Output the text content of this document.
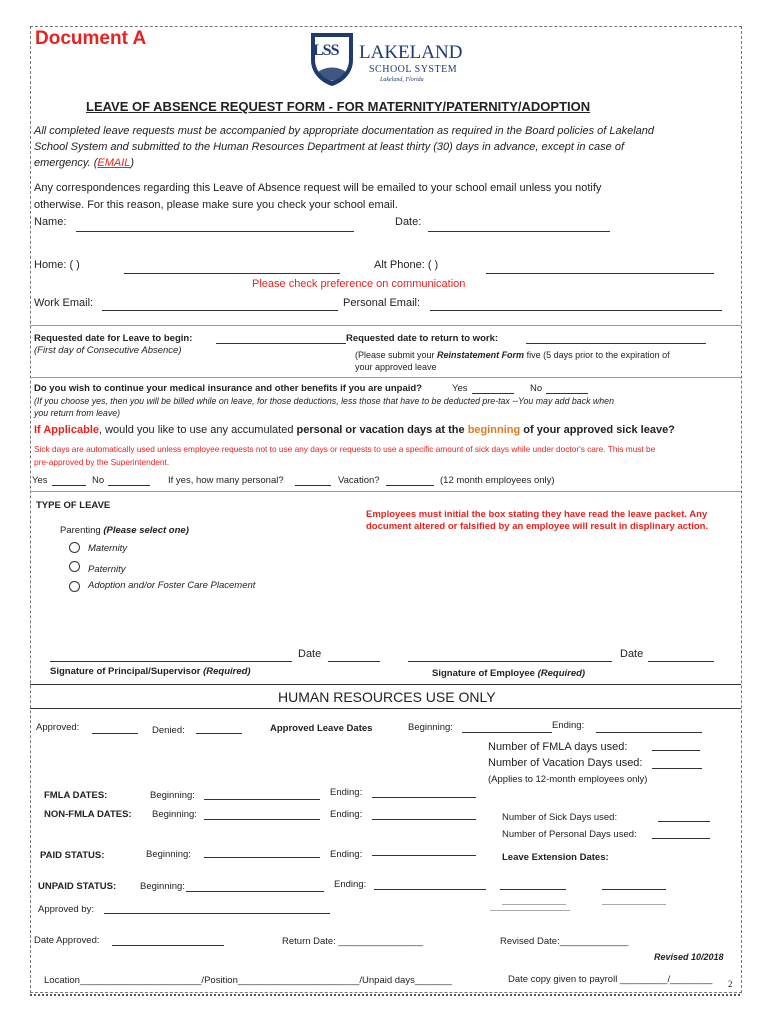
Document A
LSS LAKELAND
SCHOOL SYSTEM
Lakeland, Florida
LEAVE OF ABSENCE REQUEST FORM - FOR MATERNITY/PATERNITY/ADOPTION
All completed leave requests must be accompanied by appropriate documentation as required in the Board policies of Lakeland
School System and submitted to the Human Resources Department at least thirty (30) days in advance, except in case of
emergency. (EMAIL)
Any correspondences regarding this Leave of Absence request will be emailed to your school email unless you notify
otherwise. For this reason, please make sure you check your school email.
Name:	Date:
Home: ( )	Alt Phone: ( )
Please check preference on communication
Work Email:	Personal Email:
Requested date for Leave to begin:
(First day of Consecutive Absence)
Requested date to return to work:
(Please submit your Reinstatement Form five (5 days prior to the expiration of
your approved leave
Do you wish to continue your medical insurance and other benefits if you are unpaid?	Yes	No
(If you choose yes, then you will be billed while on leave, for those deductions, less those that have to be deducted pre-tax --You may add back when
you return from leave)
If Applicable, would you like to use any accumulated personal or vacation days at the beginning of your approved sick leave?
Sick days are automatically used unless employee requests not to use any days or requests to use a specific amount of sick days while under doctor's care. This must be
pre-approved by the Superintendent.
Yes	No	If yes, how many personal?	Vacation?	(12 month employees only)
TYPE OF LEAVE
Parenting (Please select one)
Maternity
Paternity
Adoption and/or Foster Care Placement
Employees must initial the box stating they have read the leave packet. Any
document altered or falsified by an employee will result in displinary action.
Date	Date
Signature of Principal/Supervisor (Required)	Signature of Employee (Required)
HUMAN RESOURCES USE ONLY
Approved:	Denied:	Approved Leave Dates	Beginning:	Ending:
Number of FMLA days used:
Number of Vacation Days used:
(Applies to 12-month employees only)
FMLA DATES:	Beginning:	Ending:
NON-FMLA DATES: Beginning:	Ending:	Number of Sick Days used:
Number of Personal Days used:
PAID STATUS:	Beginning:	Ending:	Leave Extension Dates:
UNPAID STATUS:	Beginning:	Ending:
Approved by:
Date Approved:	Return Date: ________________	Revised Date:_____________
Revised 10/2018
Location_______________________/Position_______________________/Unpaid days_______	Date copy given to payroll _________/________ 2
